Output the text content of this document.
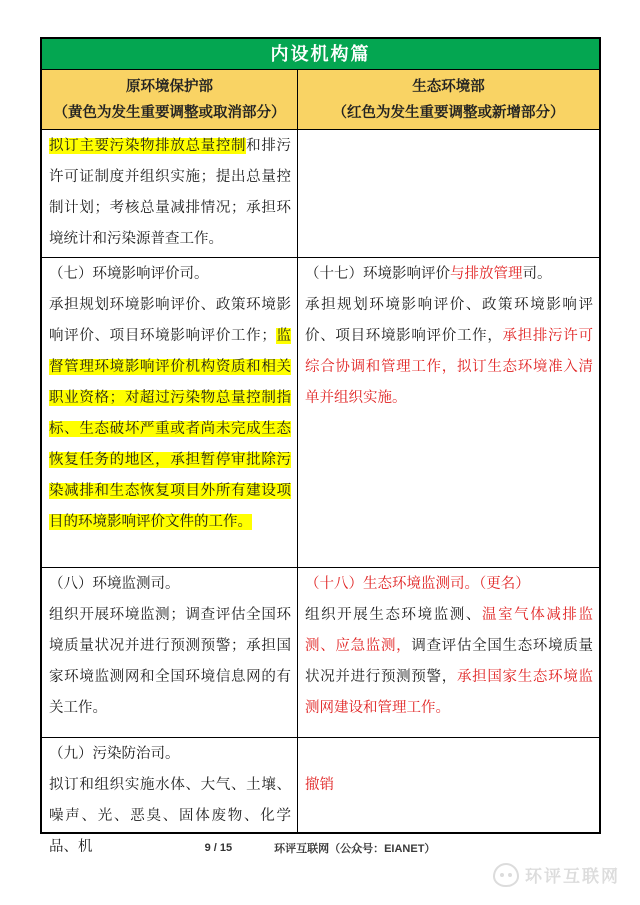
内设机构篇
原环境保护部
（黄色为发生重要调整或取消部分）
生态环境部
（红色为发生重要调整或新增部分）

拟订主要污染物排放总量控制和排污许可证制度并组织实施；提出总量控制计划；考核总量减排情况；承担环境统计和污染源普查工作。

（七）环境影响评价司。

承担规划环境影响评价、政策环境影响评价、项目环境影响评价工作；监督管理环境影响评价机构资质和相关职业资格；对超过污染物总量控制指标、生态破坏严重或者尚未完成生态恢复任务的地区，承担暂停审批除污染减排和生态恢复项目外所有建设项目的环境影响评价文件的工作。

（十七）环境影响评价与排放管理司。

承担规划环境影响评价、政策环境影响评价、项目环境影响评价工作，承担排污许可综合协调和管理工作，拟订生态环境准入清单并组织实施。

（八）环境监测司。

组织开展环境监测；调查评估全国环境质量状况并进行预测预警；承担国家环境监测网和全国环境信息网的有关工作。

（十八）生态环境监测司。（更名）

组织开展生态环境监测、温室气体减排监测、应急监测，调查评估全国生态环境质量状况并进行预测预警，承担国家生态环境监测网建设和管理工作。

（九）污染防治司。

拟订和组织实施水体、大气、土壤、噪声、光、恶臭、固体废物、化学品、机

撤销

9 / 15	环评互联网（公众号：EIANET）
环评互联网
